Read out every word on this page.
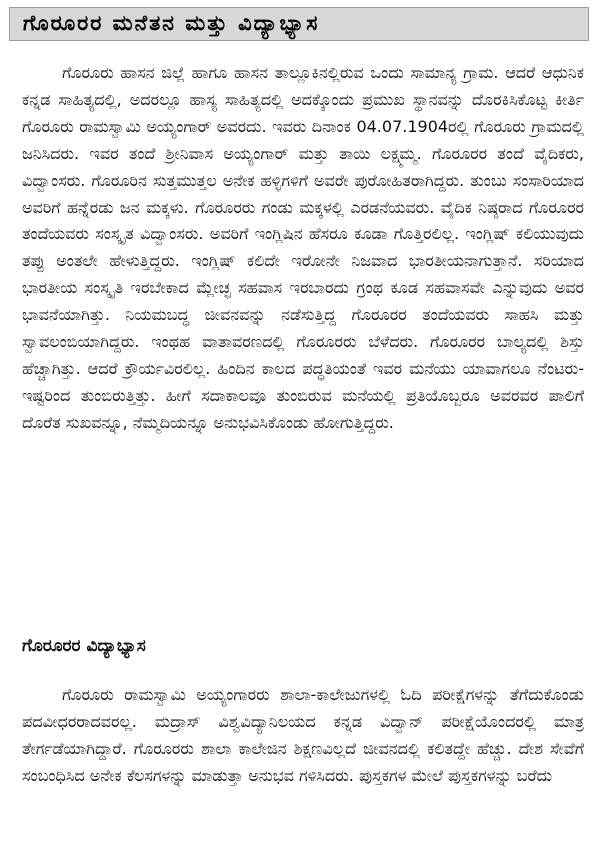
ಗೊರೂರರ ಮನೆತನ ಮತ್ತು ವಿದ್ಯಾಭ್ಯಾಸ

ಗೊರೂರು ಹಾಸನ ಜಿಲ್ಲೆ ಹಾಗೂ ಹಾಸನ ತಾಲ್ಲೂಕಿನಲ್ಲಿರುವ ಒಂದು ಸಾಮಾನ್ಯ ಗ್ರಾಮ. ಆದರೆ ಆಧುನಿಕ ಕನ್ನಡ ಸಾಹಿತ್ಯದಲ್ಲಿ, ಅದರಲ್ಲೂ ಹಾಸ್ಯ ಸಾಹಿತ್ಯದಲ್ಲಿ ಅದಕ್ಕೊಂದು ಪ್ರಮುಖ ಸ್ಥಾನವನ್ನು ದೊರಕಿಸಿಕೊಟ್ಟ ಕೀರ್ತಿ ಗೊರೂರು ರಾಮಸ್ವಾಮಿ ಅಯ್ಯಂಗಾರ್ ಅವರದು. ಇವರು ದಿನಾಂಕ 04.07.1904ರಲ್ಲಿ ಗೊರೂರು ಗ್ರಾಮದಲ್ಲಿ ಜನಿಸಿದರು. ಇವರ ತಂದೆ ಶ್ರೀನಿವಾಸ ಅಯ್ಯಂಗಾರ್ ಮತ್ತು ತಾಯಿ ಲಕ್ಷ್ಮಮ್ಮ. ಗೊರೂರರ ತಂದೆ ವೈದಿಕರು, ವಿದ್ವಾಂಸರು. ಗೊರೂರಿನ ಸುತ್ತಮುತ್ತಲ ಅನೇಕ ಹಳ್ಳಿಗಳಿಗೆ ಅವರೇ ಪುರೋಹಿತರಾಗಿದ್ದರು. ತುಂಬು ಸಂಸಾರಿಯಾದ ಅವರಿಗೆ ಹನ್ನೆರಡು ಜನ ಮಕ್ಕಳು. ಗೊರೂರರು ಗಂಡು ಮಕ್ಕಳಲ್ಲಿ ಎರಡನೆಯವರು. ವೈದಿಕ ನಿಷ್ಠರಾದ ಗೊರೂರರ ತಂದೆಯವರು ಸಂಸ್ಕೃತ ವಿದ್ವಾಂಸರು. ಅವರಿಗೆ ಇಂಗ್ಲಿಷಿನ ಹೆಸರೂ ಕೂಡಾ ಗೊತ್ತಿರಲಿಲ್ಲ. ಇಂಗ್ಲಿಷ್ ಕಲಿಯುವುದು ತಪ್ಪು ಅಂತಲೇ ಹೇಳುತ್ತಿದ್ದರು. ಇಂಗ್ಲಿಷ್ ಕಲಿದೇ ಇರೋನೇ ನಿಜವಾದ ಭಾರತೀಯನಾಗುತ್ತಾನೆ. ಸರಿಯಾದ ಭಾರತೀಯ ಸಂಸ್ಕೃತಿ ಇರಬೇಕಾದ ಮ್ಲೇಚ್ಛ ಸಹವಾಸ ಇರಬಾರದು ಗ್ರಂಥ ಕೂಡ ಸಹವಾಸವೇ ಎನ್ನುವುದು ಅವರ ಭಾವನೆಯಾಗಿತ್ತು. ನಿಯಮಬದ್ಧ ಜೀವನವನ್ನು ನಡೆಸುತ್ತಿದ್ದ ಗೊರೂರರ ತಂದೆಯವರು ಸಾಹಸಿ ಮತ್ತು ಸ್ವಾವಲಂಬಿಯಾಗಿದ್ದರು. ಇಂಥಹ ವಾತಾವರಣದಲ್ಲಿ ಗೊರೂರರು ಬೆಳೆದರು. ಗೊರೂರರ ಬಾಲ್ಯದಲ್ಲಿ ಶಿಸ್ತು ಹೆಚ್ಚಾಗಿತ್ತು. ಆದರೆ ಕ್ರೌರ್ಯವಿರಲಿಲ್ಲ. ಹಿಂದಿನ ಕಾಲದ ಪದ್ಧತಿಯಂತೆ ಇವರ ಮನೆಯು ಯಾವಾಗಲೂ ನೆಂಟರು-ಇಷ್ಟರಿಂದ ತುಂಬಿರುತ್ತಿತ್ತು. ಹೀಗೆ ಸದಾಕಾಲವೂ ತುಂಬಿರುವ ಮನೆಯಲ್ಲಿ ಪ್ರತಿಯೊಬ್ಬರೂ ಅವರವರ ಪಾಲಿಗೆ ದೊರೆತ ಸುಖವನ್ನೂ, ನೆಮ್ಮದಿಯನ್ನೂ ಅನುಭವಿಸಿಕೊಂಡು ಹೋಗುತ್ತಿದ್ದರು.

ಗೊರೂರರ ವಿದ್ಯಾಭ್ಯಾಸ

ಗೊರೂರು ರಾಮಸ್ವಾಮಿ ಅಯ್ಯಂಗಾರರು ಶಾಲಾ-ಕಾಲೇಜುಗಳಲ್ಲಿ ಓದಿ ಪರೀಕ್ಷೆಗಳನ್ನು ತೆಗೆದುಕೊಂಡು ಪದವೀಧರರಾದವರಲ್ಲ. ಮದ್ರಾಸ್ ವಿಶ್ವವಿದ್ಯಾನಿಲಯದ ಕನ್ನಡ ವಿದ್ವಾನ್ ಪರೀಕ್ಷೆಯೊಂದರಲ್ಲಿ ಮಾತ್ರ ತೇರ್ಗಡೆಯಾಗಿದ್ದಾರೆ. ಗೊರೂರರು ಶಾಲಾ ಕಾಲೇಜಿನ ಶಿಕ್ಷಣವಿಲ್ಲದೆ ಜೀವನದಲ್ಲಿ ಕಲಿತದ್ದೇ ಹೆಚ್ಚು. ದೇಶ ಸೇವೆಗೆ ಸಂಬಂಧಿಸಿದ ಅನೇಕ ಕೆಲಸಗಳನ್ನು ಮಾಡುತ್ತಾ ಅನುಭವ ಗಳಿಸಿದರು. ಪುಸ್ತಕಗಳ ಮೇಲೆ ಪುಸ್ತಕಗಳನ್ನು ಬರೆದು
